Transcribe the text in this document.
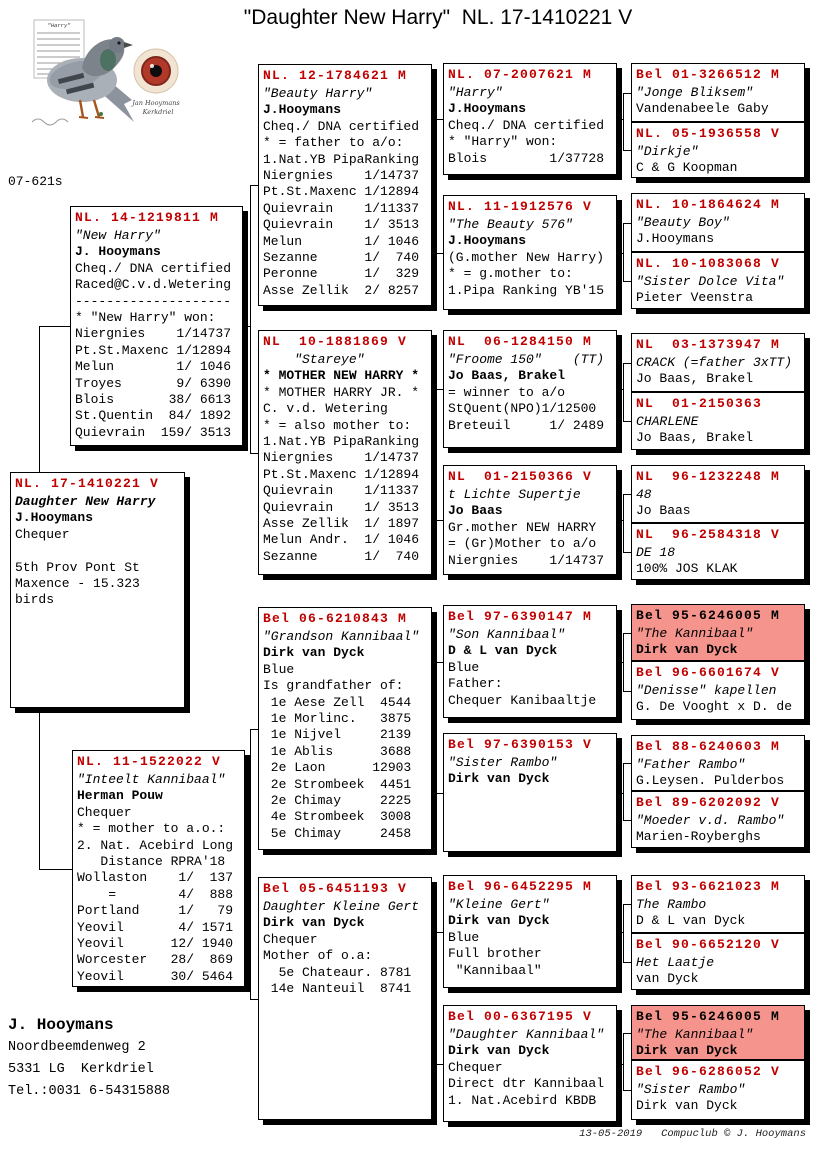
"Daughter New Harry"  NL. 17-1410221 V
"Harry"
Jan Hooymans
Kerkdriel
07-621s
NL. 17-1410221 V
Daughter New Harry
J.Hooymans
Chequer

5th Prov Pont St
Maxence - 15.323
birds
NL. 14-1219811 M
"New Harry"
J. Hooymans
Cheq./ DNA certified
Raced@C.v.d.Wetering
--------------------
* "New Harry" won:
Niergnies    1/14737
Pt.St.Maxenc 1/12894
Melun        1/ 1046
Troyes       9/ 6390
Blois       38/ 6613
St.Quentin  84/ 1892
Quievrain  159/ 3513
NL. 11-1522022 V
"Inteelt Kannibaal"
Herman Pouw
Chequer
* = mother to a.o.:
2. Nat. Acebird Long
Distance RPRA'18
Wollaston    1/  137
=        4/  888
Portland     1/   79
Yeovil       4/ 1571
Yeovil      12/ 1940
Worcester   28/  869
Yeovil      30/ 5464
NL. 12-1784621 M
"Beauty Harry"
J.Hooymans
Cheq./ DNA certified
* = father to a/o:
1.Nat.YB PipaRanking
Niergnies    1/14737
Pt.St.Maxenc 1/12894
Quievrain    1/11337
Quievrain    1/ 3513
Melun        1/ 1046
Sezanne      1/  740
Peronne      1/  329
Asse Zellik  2/ 8257
NL  10-1881869 V
"Stareye"
* MOTHER NEW HARRY *
* MOTHER HARRY JR. *
C. v.d. Wetering
* = also mother to:
1.Nat.YB PipaRanking
Niergnies    1/14737
Pt.St.Maxenc 1/12894
Quievrain    1/11337
Quievrain    1/ 3513
Asse Zellik  1/ 1897
Melun Andr.  1/ 1046
Sezanne      1/  740
Bel 06-6210843 M
"Grandson Kannibaal"
Dirk van Dyck
Blue
Is grandfather of:
1e Aese Zell  4544
1e Morlinc.   3875
1e Nijvel     2139
1e Ablis      3688
2e Laon      12903
2e Strombeek  4451
2e Chimay     2225
4e Strombeek  3008
5e Chimay     2458
Bel 05-6451193 V
Daughter Kleine Gert
Dirk van Dyck
Chequer
Mother of o.a:
5e Chateaur. 8781
14e Nanteuil  8741
NL. 07-2007621 M
"Harry"
J.Hooymans
Cheq./ DNA certified
* "Harry" won:
Blois        1/37728
NL. 11-1912576 V
"The Beauty 576"
J.Hooymans
(G.mother New Harry)
* = g.mother to:
1.Pipa Ranking YB'15
NL  06-1284150 M
"Froome 150"    (TT)
Jo Baas, Brakel
= winner to a/o
StQuent(NPO)1/12500
Breteuil     1/ 2489
NL  01-2150366 V
t Lichte Supertje
Jo Baas
Gr.mother NEW HARRY
= (Gr)Mother to a/o
Niergnies    1/14737
Bel 97-6390147 M
"Son Kannibaal"
D & L van Dyck
Blue
Father:
Chequer Kanibaaltje
Bel 97-6390153 V
"Sister Rambo"
Dirk van Dyck
Bel 96-6452295 M
"Kleine Gert"
Dirk van Dyck
Blue
Full brother
"Kannibaal"
Bel 00-6367195 V
"Daughter Kannibaal"
Dirk van Dyck
Chequer
Direct dtr Kannibaal
1. Nat.Acebird KBDB
Bel 01-3266512 M
"Jonge Bliksem"
Vandenabeele Gaby
NL. 05-1936558 V
"Dirkje"
C & G Koopman
NL. 10-1864624 M
"Beauty Boy"
J.Hooymans
NL. 10-1083068 V
"Sister Dolce Vita"
Pieter Veenstra
NL  03-1373947 M
CRACK (=father 3xTT)
Jo Baas, Brakel
NL  01-2150363
CHARLENE
Jo Baas, Brakel
NL  96-1232248 M
48
Jo Baas
NL  96-2584318 V
DE 18
100% JOS KLAK
Bel 95-6246005 M
"The Kannibaal"
Dirk van Dyck
Bel 96-6601674 V
"Denisse" kapellen
G. De Vooght x D. de
Bel 88-6240603 M
"Father Rambo"
G.Leysen. Pulderbos
Bel 89-6202092 V
"Moeder v.d. Rambo"
Marien-Royberghs
Bel 93-6621023 M
The Rambo
D & L van Dyck
Bel 90-6652120 V
Het Laatje
van Dyck
Bel 95-6246005 M
"The Kannibaal"
Dirk van Dyck
Bel 96-6286052 V
"Sister Rambo"
Dirk van Dyck
J. Hooymans
Noordbeemdenweg 2
5331 LG  Kerkdriel
Tel.:0031 6-54315888
13-05-2019   Compuclub © J. Hooymans
